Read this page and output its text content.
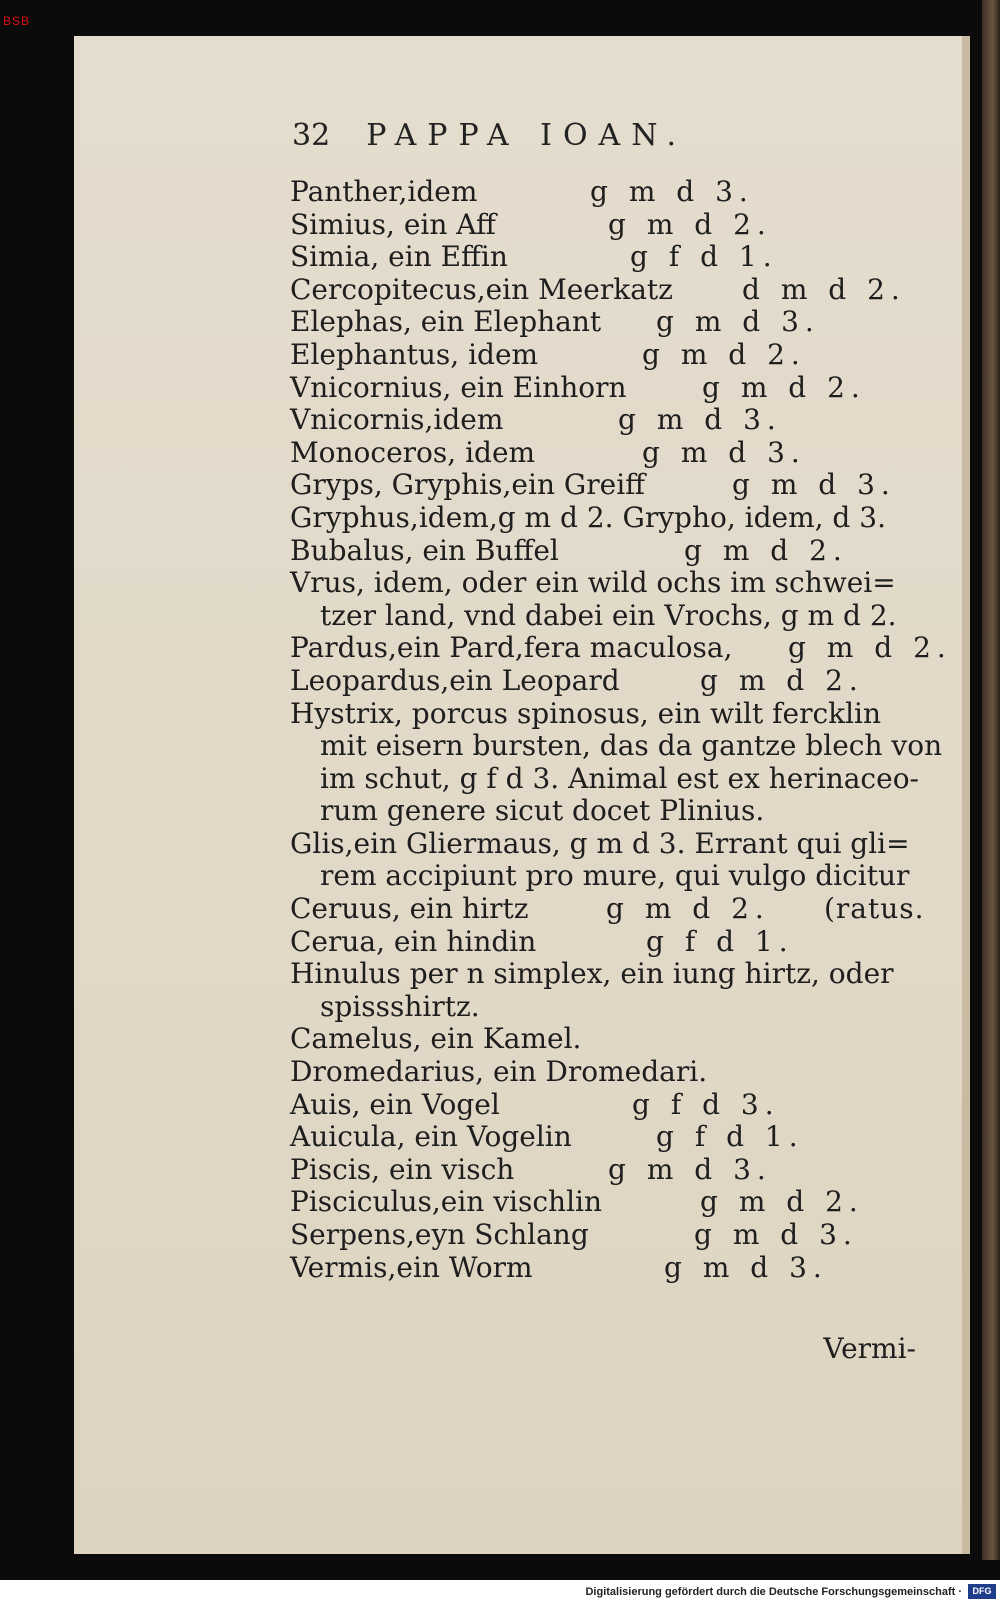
BSB
32 PAPPA IOAN.
Panther,idem	g m d 3.
Simius, ein Aff	g m d 2.
Simia, ein Effin	g f d 1.
Cercopitecus,ein Meerkatz d m d 2.
Elephas, ein Elephant g m d 3.
Elephantus, idem	g m d 2.
Vnicornius, ein Einhorn	g m d 2.
Vnicornis,idem	g m d 3.
Monoceros, idem	g m d 3.
Gryps, Gryphis,ein Greiff	g m d 3.
Gryphus,idem,g m d 2. Grypho, idem, d 3.
Bubalus, ein Buffel	g m d 2.
Vrus, idem, oder ein wild ochs im schwei=
tzer land, vnd dabei ein Vrochs, g m d 2.
Pardus,ein Pard,fera maculosa, g m d 2.
Leopardus,ein Leopard	g m d 2.
Hystrix, porcus spinosus, ein wilt fercklin
mit eisern bursten, das da gantze blech von
im schut, g f d 3. Animal est ex herinaceo-
rum genere sicut docet Plinius.
Glis,ein Gliermaus, g m d 3. Errant qui gli=
rem accipiunt pro mure, qui vulgo dicitur
Ceruus, ein hirtz	g m d 2. (ratus.
Cerua, ein hindin	g f d 1.
Hinulus per n simplex, ein iung hirtz, oder
spissshirtz.
Camelus, ein Kamel.
Dromedarius, ein Dromedari.
Auis, ein Vogel	g f d 3.
Auicula, ein Vogelin	g f d 1.
Piscis, ein visch	g m d 3.
Pisciculus,ein vischlin	g m d 2.
Serpens,eyn Schlang	g m d 3.
Vermis,ein Worm	g m d 3.
Vermi-
Digitalisierung gefördert durch die Deutsche Forschungsgemeinschaft ·	DFG
